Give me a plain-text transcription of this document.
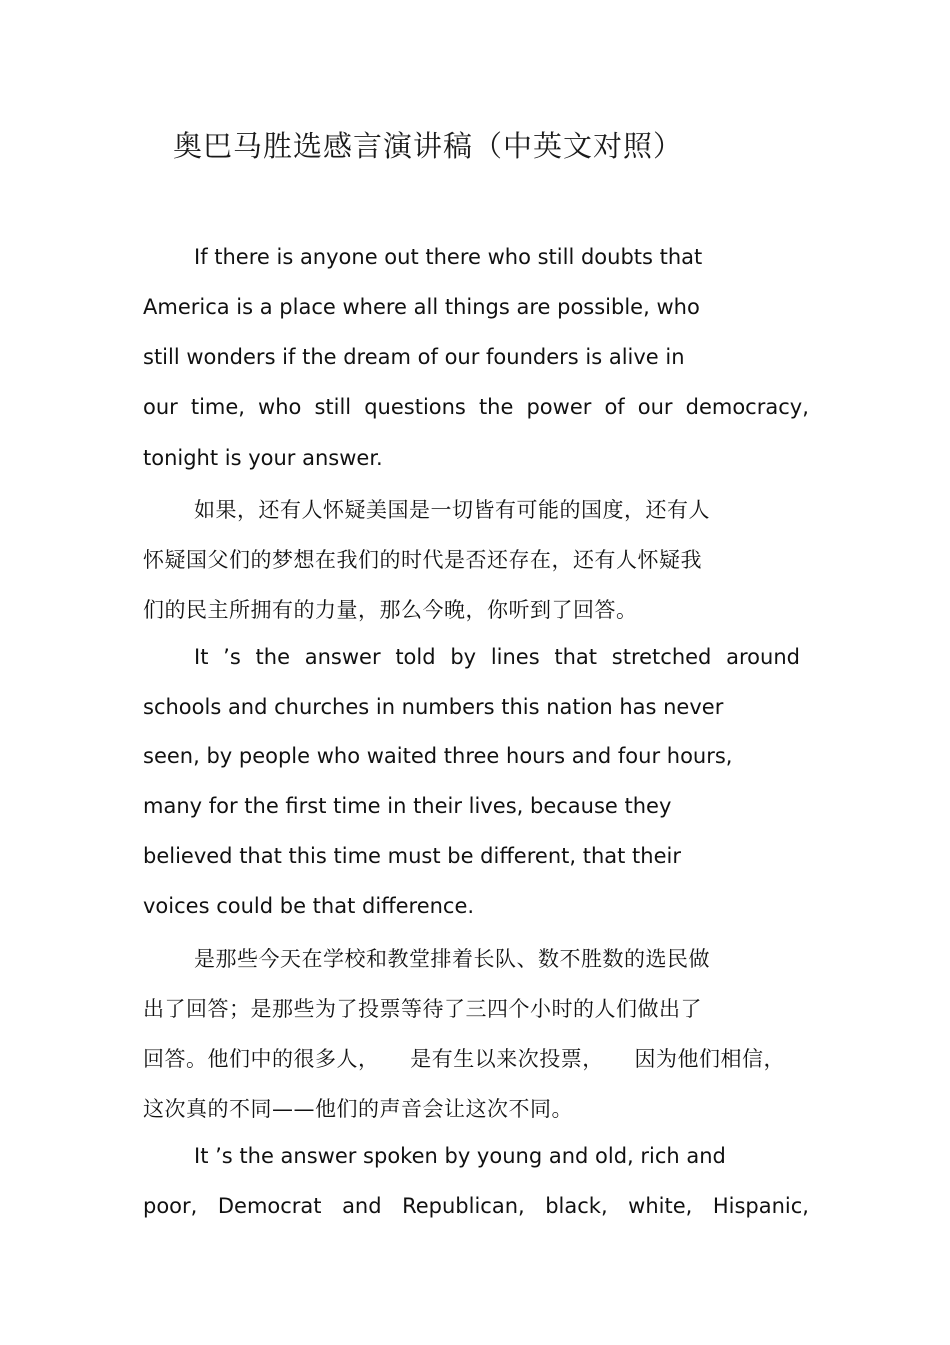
奥巴马胜选感言演讲稿（中英文对照）
If there is anyone out there who still doubts that
America is a place where all things are possible, who
still wonders if the dream of our founders is alive in
our time, who still questions the power of our democracy,
tonight is your answer.
如果，还有人怀疑美国是一切皆有可能的国度，还有人
怀疑国父们的梦想在我们的时代是否还存在，还有人怀疑我
们的民主所拥有的力量，那么今晚，你听到了回答。
It ’s the answer told by lines that stretched around
schools and churches in numbers this nation has never
seen, by people who waited three hours and four hours,
many for the first time in their lives, because they
believed that this time must be different, that their
voices could be that difference.
是那些今天在学校和教堂排着长队、数不胜数的选民做
出了回答；是那些为了投票等待了三四个小时的人们做出了
回答。他们中的很多人， 是有生以来次投票， 因为他们相信，
这次真的不同——他们的声音会让这次不同。
It ’s the answer spoken by young and old, rich and
poor, Democrat and Republican, black, white, Hispanic,
